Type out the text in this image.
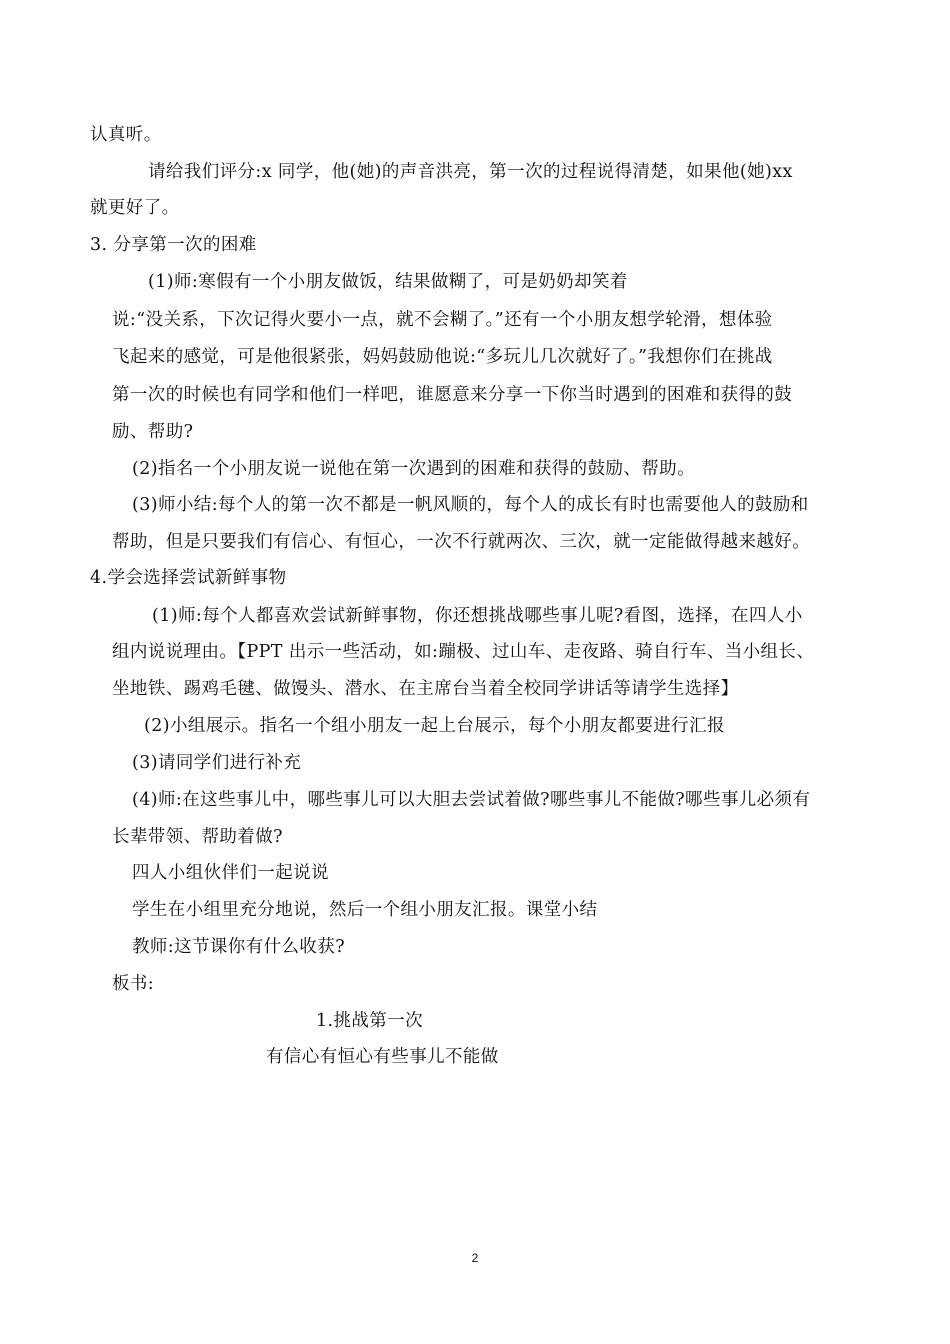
认真听。
请给我们评分:x 同学，他(她)的声音洪亮，第一次的过程说得清楚，如果他(她)xx
就更好了。
3. 分享第一次的困难
(1)师:寒假有一个小朋友做饭，结果做糊了，可是奶奶却笑着
说:“没关系，下次记得火要小一点，就不会糊了。”还有一个小朋友想学轮滑，想体验
飞起来的感觉，可是他很紧张，妈妈鼓励他说:“多玩儿几次就好了。”我想你们在挑战
第一次的时候也有同学和他们一样吧，谁愿意来分享一下你当时遇到的困难和获得的鼓
励、帮助?
(2)指名一个小朋友说一说他在第一次遇到的困难和获得的鼓励、帮助。
(3)师小结:每个人的第一次不都是一帆风顺的，每个人的成长有时也需要他人的鼓励和
帮助，但是只要我们有信心、有恒心，一次不行就两次、三次，就一定能做得越来越好。
4.学会选择尝试新鲜事物
(1)师:每个人都喜欢尝试新鲜事物，你还想挑战哪些事儿呢?看图，选择，在四人小
组内说说理由。【PPT 出示一些活动，如:蹦极、过山车、走夜路、骑自行车、当小组长、
坐地铁、踢鸡毛毽、做馒头、潜水、在主席台当着全校同学讲话等请学生选择】
(2)小组展示。指名一个组小朋友一起上台展示，每个小朋友都要进行汇报
(3)请同学们进行补充
(4)师:在这些事儿中，哪些事儿可以大胆去尝试着做?哪些事儿不能做?哪些事儿必须有
长辈带领、帮助着做?
四人小组伙伴们一起说说
学生在小组里充分地说，然后一个组小朋友汇报。课堂小结
教师:这节课你有什么收获?
板书:
1.挑战第一次
有信心有恒心有些事儿不能做
2
